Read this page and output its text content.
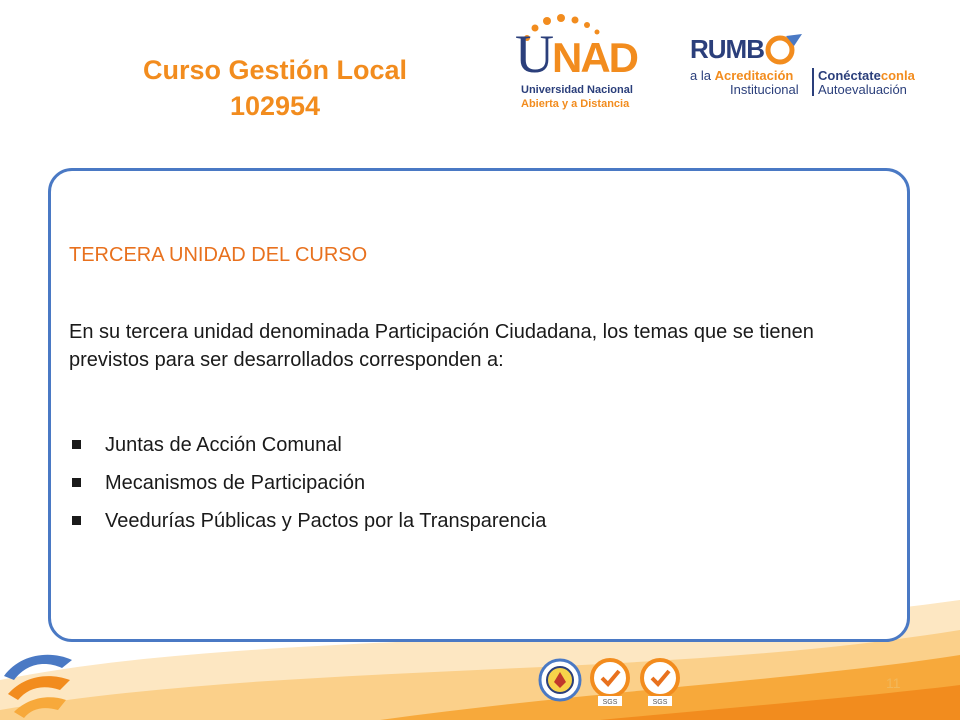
Curso Gestión Local
102954
UNAD
Universidad Nacional
Abierta y a Distancia
RUMB
a la Acreditación
Institucional
Conéctateconla
Autoevaluación
TERCERA UNIDAD DEL CURSO
En su tercera unidad denominada Participación Ciudadana, los temas que se tienen previstos para ser desarrollados corresponden a:
Juntas de Acción Comunal
Mecanismos de Participación
Veedurías Públicas y Pactos por la Transparencia
SGS	SGS
11
